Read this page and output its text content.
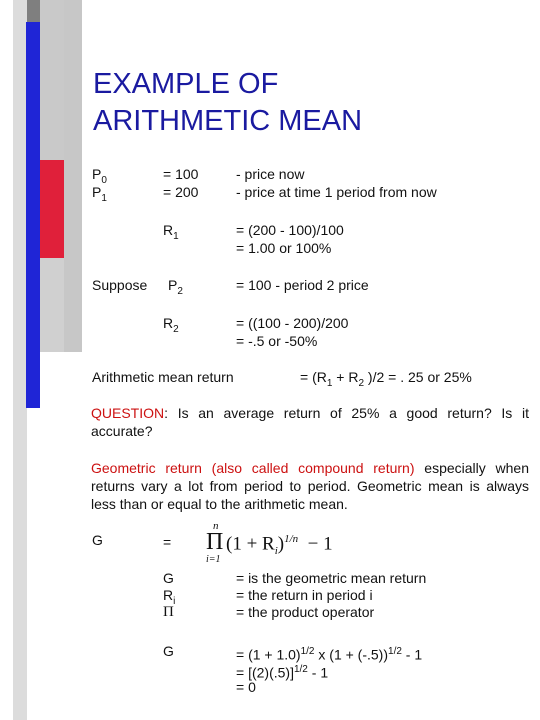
EXAMPLE OF
ARITHMETIC MEAN
$P_0$	= 100	- price now
$P_1$	= 200	- price at time 1 period from now
$R_1$	= (200 - 100)/100
= 1.00 or 100%
Suppose $P_2$	= 100 - period 2 price
$R_2$	= ((100 - 200)/200
= -.5 or -50%
Arithmetic mean return	= ($R_1 + R_2$ )/2 = . 25 or 25%
QUESTION: Is an average return of 25% a good return? Is it accurate?
Geometric return (also called compound return) especially when returns vary a lot from period to period. Geometric mean is always less than or equal to the arithmetic mean.
G	=
n
Π
i=1
$(1 + R_i)^{1/n} - 1$
G	= is the geometric mean return
$R_i$	= the return in period i
Π	= the product operator
G	= $(1 + 1.0)^{1/2}$ x $(1 + (-.5))^{1/2} - 1$
= $[(2)(.5)]^{1/2} - 1$
= 0
